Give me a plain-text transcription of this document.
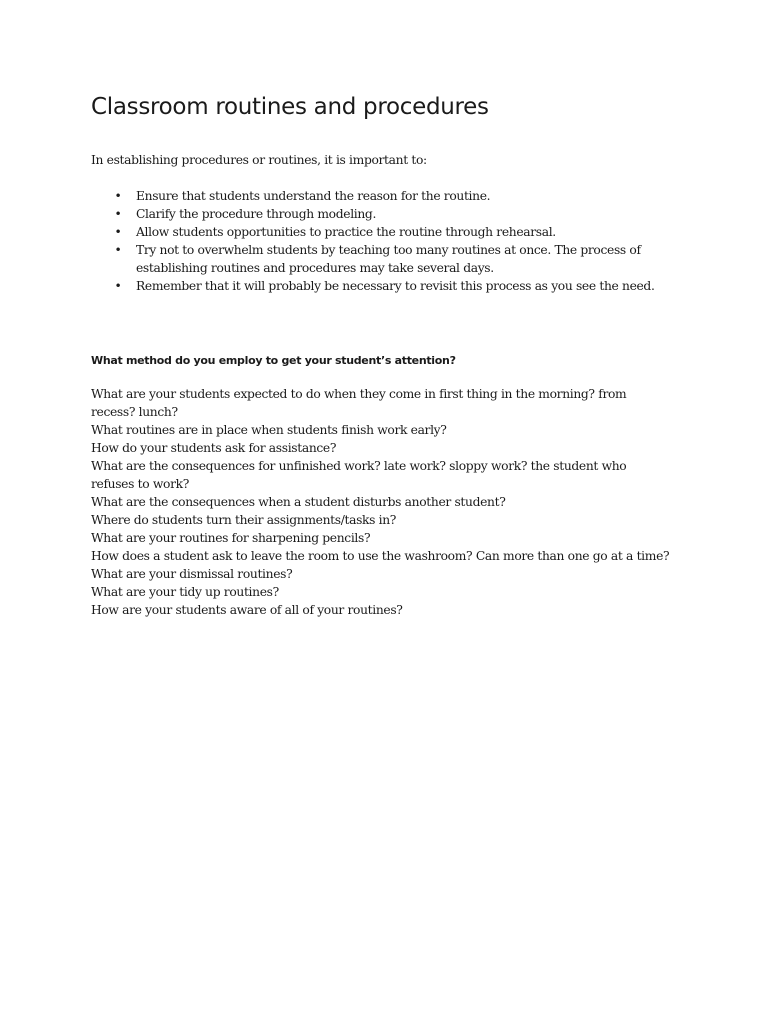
Classroom routines and procedures

In establishing procedures or routines, it is important to:

• Ensure that students understand the reason for the routine.
• Clarify the procedure through modeling.
• Allow students opportunities to practice the routine through rehearsal.
• Try not to overwhelm students by teaching too many routines at once. The process of
establishing routines and procedures may take several days.
• Remember that it will probably be necessary to revisit this process as you see the need.

What method do you employ to get your student’s attention?

What are your students expected to do when they come in first thing in the morning? from
recess? lunch?
What routines are in place when students finish work early?
How do your students ask for assistance?
What are the consequences for unfinished work? late work? sloppy work? the student who
refuses to work?
What are the consequences when a student disturbs another student?
Where do students turn their assignments/tasks in?
What are your routines for sharpening pencils?
How does a student ask to leave the room to use the washroom? Can more than one go at a time?
What are your dismissal routines?
What are your tidy up routines?
How are your students aware of all of your routines?
